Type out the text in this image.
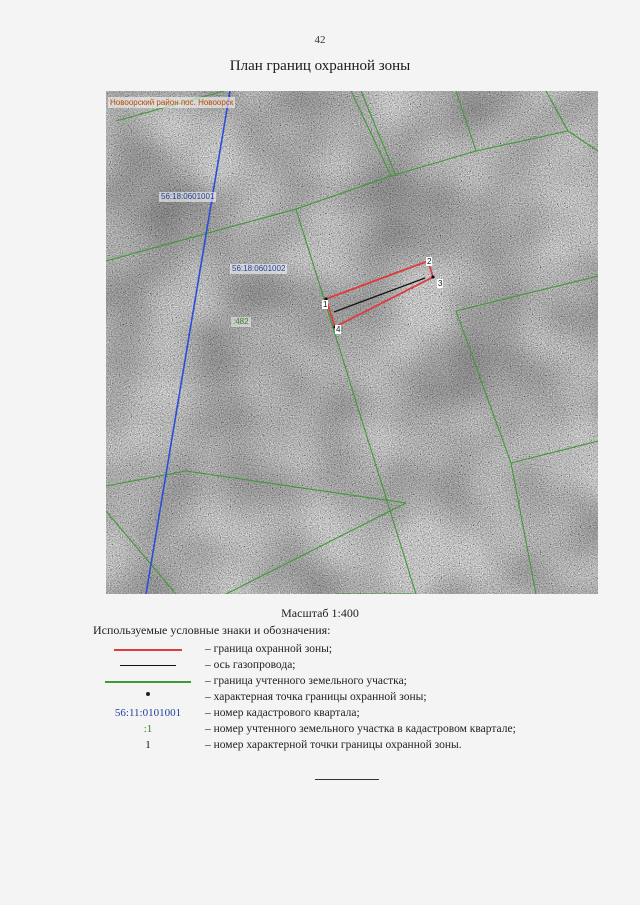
42
План границ охранной зоны
Новоорский район пос. Новоорск
56:18:0601001
56:18:0601002
:482
1
2
3
4
Масштаб 1:400
Используемые условные знаки и обозначения:
– граница охранной зоны;
– ось газопровода;
– граница учтенного земельного участка;
– характерная точка границы охранной зоны;
56:11:0101001	– номер кадастрового квартала;
:1	– номер учтенного земельного участка в кадастровом квартале;
1	– номер характерной точки границы охранной зоны.
